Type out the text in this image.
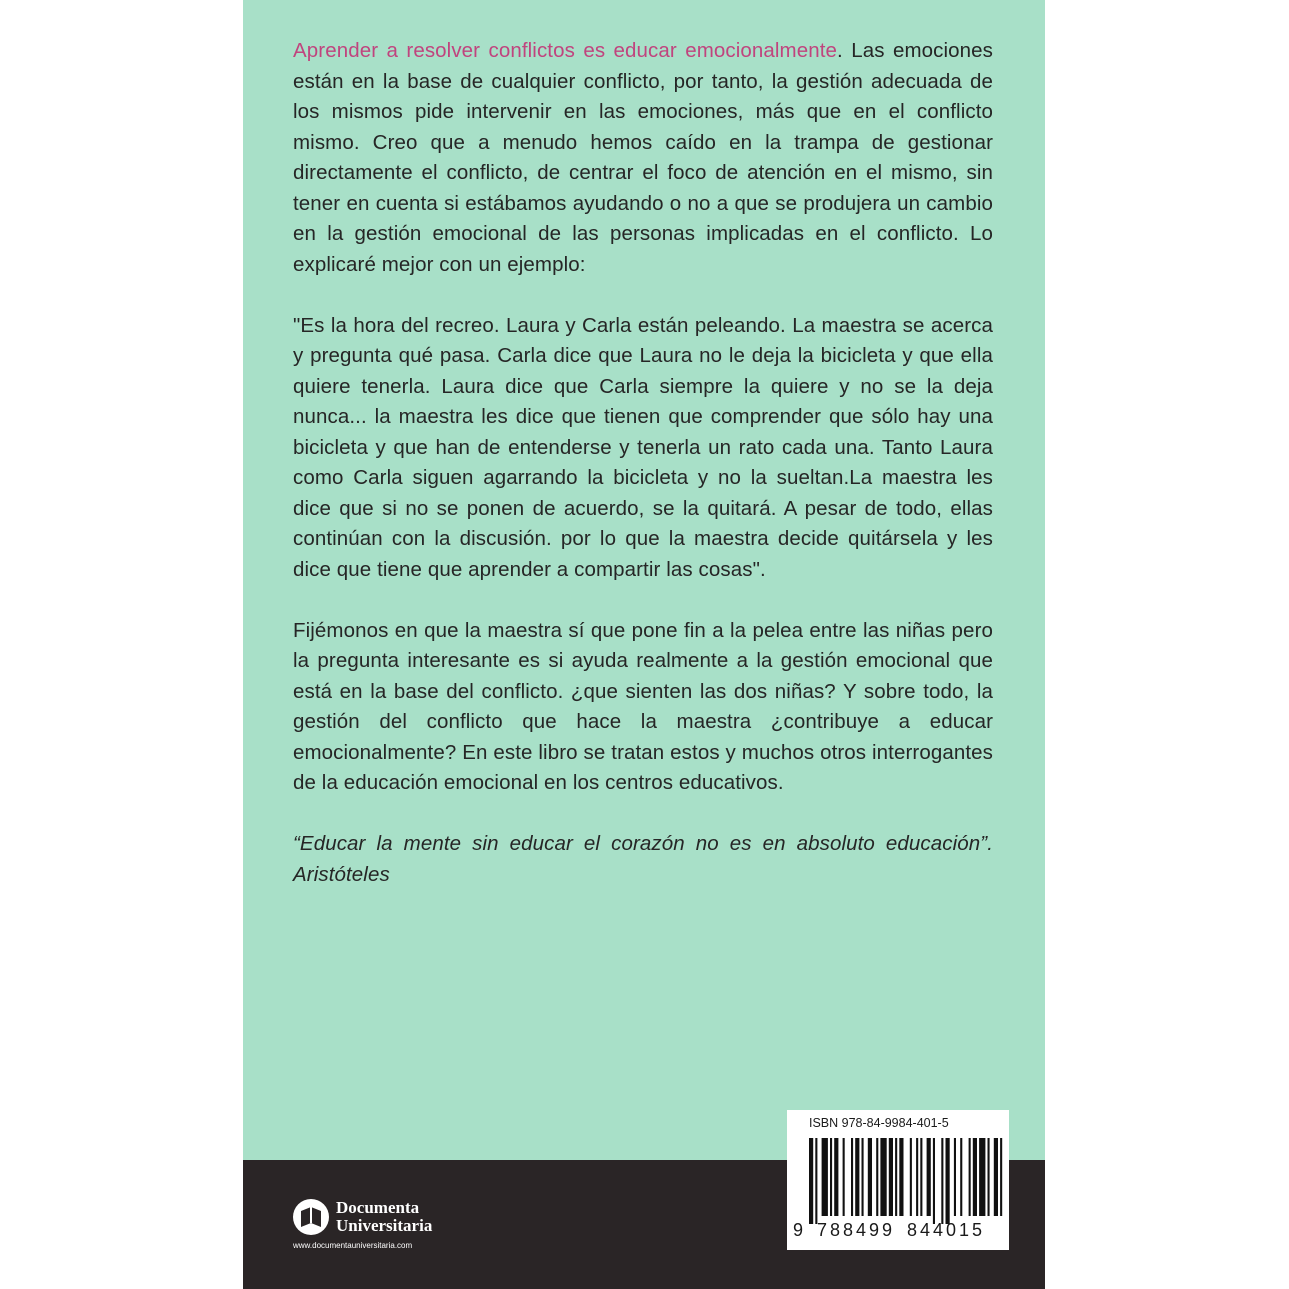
Aprender a resolver conflictos es educar emocionalmente. Las emociones están en la base de cualquier conflicto, por tanto, la gestión adecuada de los mismos pide intervenir en las emociones, más que en el conflicto mismo. Creo que a menudo hemos caído en la trampa de gestionar directamente el conflicto, de centrar el foco de atención en el mismo, sin tener en cuenta si estábamos ayudando o no a que se produjera un cambio en la gestión emocional de las personas implicadas en el conflicto. Lo explicaré mejor con un ejemplo:

"Es la hora del recreo. Laura y Carla están peleando. La maestra se acerca y pregunta qué pasa. Carla dice que Laura no le deja la bicicleta y que ella quiere tenerla. Laura dice que Carla siempre la quiere y no se la deja nunca... la maestra les dice que tienen que comprender que sólo hay una bicicleta y que han de entenderse y tenerla un rato cada una. Tanto Laura como Carla siguen agarrando la bicicleta y no la sueltan.La maestra les dice que si no se ponen de acuerdo, se la quitará. A pesar de todo, ellas continúan con la discusión. por lo que la maestra decide quitársela y les dice que tiene que aprender a compartir las cosas".

Fijémonos en que la maestra sí que pone fin a la pelea entre las niñas pero la pregunta interesante es si ayuda realmente a la gestión emocional que está en la base del conflicto. ¿que sienten las dos niñas? Y sobre todo, la gestión del conflicto que hace la maestra ¿contribuye a educar emocionalmente? En este libro se tratan estos y muchos otros interrogantes de la educación emocional en los centros educativos.

“Educar la mente sin educar el corazón no es en absoluto educación”. Aristóteles

Documenta
Universitaria
www.documentauniversitaria.com
ISBN 978-84-9984-401-5
9 788499 844015
